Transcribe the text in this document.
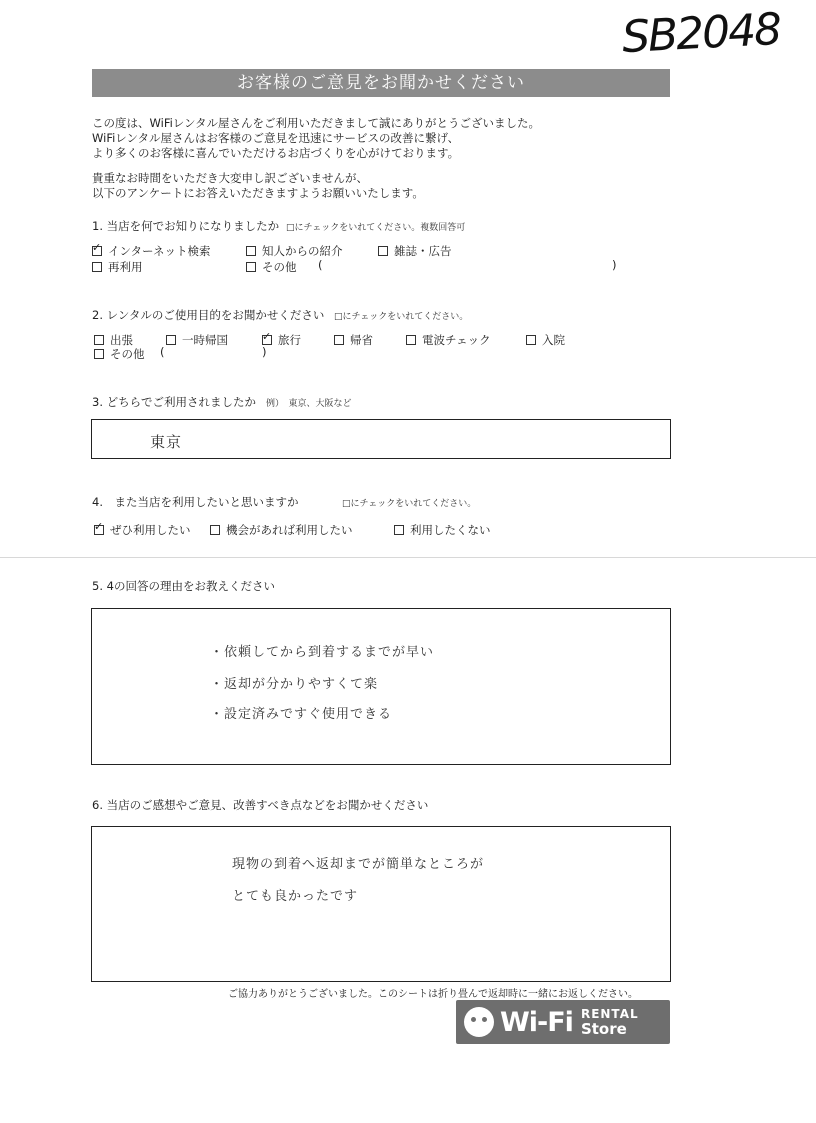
SB2048
お客様のご意見をお聞かせください
この度は、WiFiレンタル屋さんをご利用いただきまして誠にありがとうございました。
WiFiレンタル屋さんはお客様のご意見を迅速にサービスの改善に繋げ、
より多くのお客様に喜んでいただけるお店づくりを心がけております。
貴重なお時間をいただき大変申し訳ございませんが、
以下のアンケートにお答えいただきますようお願いいたします。
1. 当店を何でお知りになりましたか □にチェックをいれてください。複数回答可
✓
インターネット検索	知人からの紹介	雑誌・広告
再利用	その他 (	)
2. レンタルのご使用目的をお聞かせください □にチェックをいれてください。
出張	一時帰国
✓	旅行	帰省	電波チェック	入院
その他 (	)
3. どちらでご利用されましたか 例）　東京、大阪など
東京
4.　また当店を利用したいと思いますか	□にチェックをいれてください。
✓
ぜひ利用したい	機会があれば利用したい	利用したくない
5. 4の回答の理由をお教えください
・依頼してから到着するまでが早い
・返却が分かりやすくて楽
・設定済みですぐ使用できる
6. 当店のご感想やご意見、改善すべき点などをお聞かせください
現物の到着へ返却までが簡単なところが
とても良かったです
ご協力ありがとうございました。このシートは折り畳んで返却時に一緒にお返しください。
Wi-Fi RENTAL
Store
